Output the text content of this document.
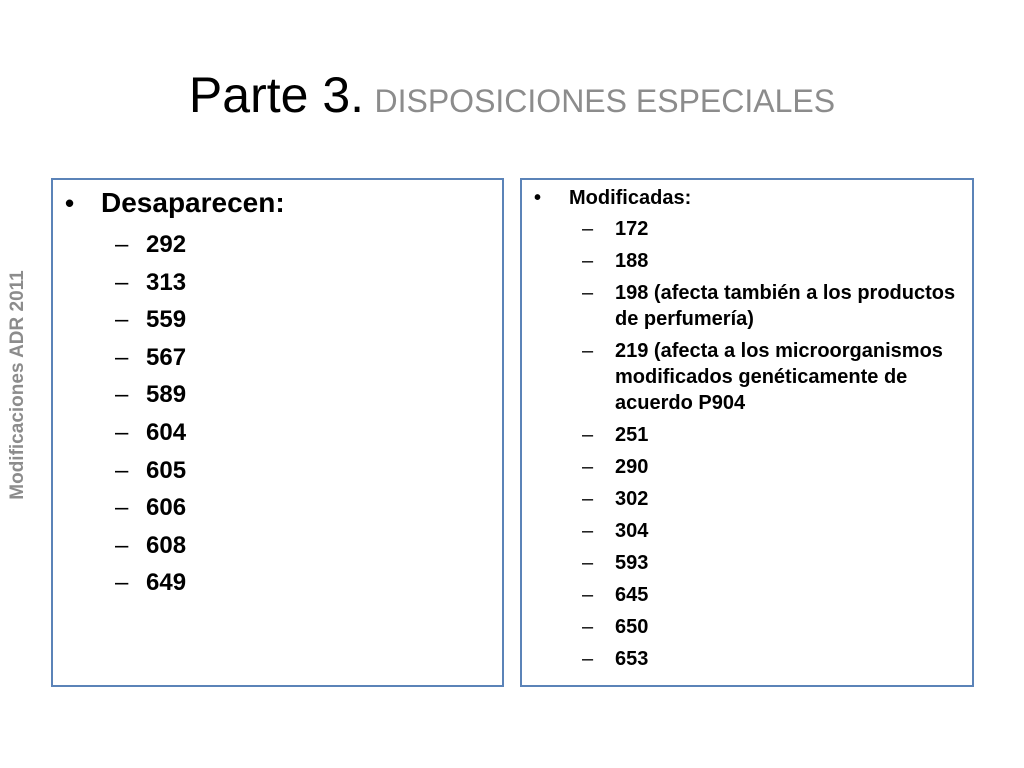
Parte 3. DISPOSICIONES ESPECIALES
Modificaciones ADR 2011
• Desaparecen:
– 292
– 313
– 559
– 567
– 589
– 604
– 605
– 606
– 608
– 649
• Modificadas:
– 172
– 188
– 198 (afecta también a los productos de perfumería)
– 219 (afecta a los microorganismos modificados genéticamente de acuerdo P904
– 251
– 290
– 302
– 304
– 593
– 645
– 650
– 653
